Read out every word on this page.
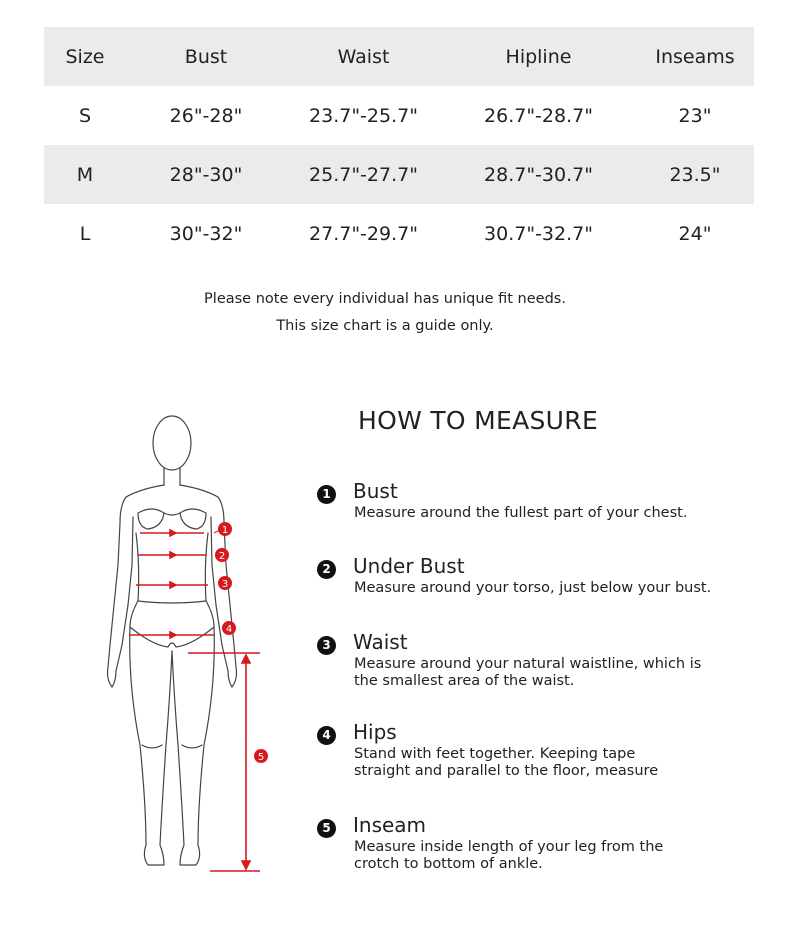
Size	Bust	Waist	Hipline	Inseams
S	26"-28"	23.7"-25.7"	26.7"-28.7"	23"
M	28"-30"	25.7"-27.7"	28.7"-30.7"	23.5"
L	30"-32"	27.7"-29.7"	30.7"-32.7"	24"
Please note every individual has unique fit needs.
This size chart is a guide only.
1
2
3
4
5
HOW TO MEASURE
1 Bust
Measure around the fullest part of your chest.
2 Under Bust
Measure around your torso, just below your bust.
3 Waist
Measure around your natural waistline, which is the smallest area of the waist.
4 Hips
Stand with feet together. Keeping tape straight and parallel to the floor, measure
5 Inseam
Measure inside length of your leg from the crotch to bottom of ankle.
